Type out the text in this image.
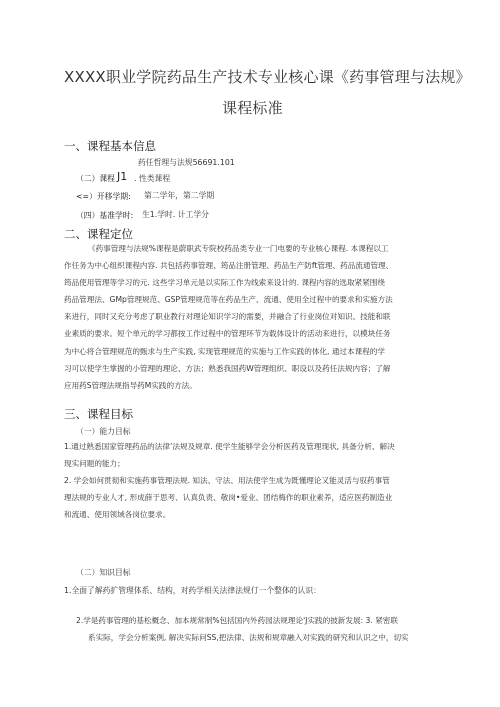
XXXX职业学院药品生产技术专业核心课《药事管理与法规》
课程标准
一、课程基本信息
药任哲理与法规56691.101
（二）课程 J1 . 性类课程
<=）开移学期: 第二学年，第二学期
（四）基准学时: 生1.学时. 计工学分
二、课程定位
《药事管理与法规%课程是蔚职武专院校药品类专业一门电要的专业核心课程. 本课程以工
作任务为中心组织课程内容. 共包括药事管理、筠品注册管理、药品生产防ft管理、药品流通管理、
筠品使用管理等学习的元. 这些学习单元是以实际工作为线索来设计的. 课程内容的选取紧紧围绕
药品管理法、GMp管理规范、GSP管理规范等在药品生产、流通、使用全过程中的要求和实施方法
来进行，同时又充分考虑了职业教行对理论知识学习的需要，并融合了行业岗位对知识、技能和联
业素质的要求。短个单元的学习都按工作过程中的管理环节为载体设计的活动来进行，以模块任务
为中心将合管理规范的甄求与生产实践, 实现管理规范的实施与工作实践的体化, 通过本课程的学
习可以使学生掌握的小管理的理论、方法；熟悉我国药W管理组织、职设以及药任法规内容；了解
应用药S管理法规指导药M实践的方法。
三、课程目标
（一）能力目标
1.通过熟悉国家管理药品的法律’法规及规章. 使学生能够学会分析医药及管理现状, 具备分析、解决
现实问题的能力；
2. 学会如何贯彻和实施药事管理法规. 知法、守法、用法使学生成为既懂理论又能灵活与驭药事管
理法规的专业人才, 形成薛于思考、认真负责、敬岗•爱业、团结梅作的职业素养，适应医药制造业
和流通、使用领域各岗位要求。
（二）知识目标
1.全面了解药扩管理体系、结构，对药学相关法律法规仃一个整体的认识：
2.学是药事管理的基松概念、加本规常制%包括国内外药园法规理论'J实践的披新发展: 3. 紧密联
系实际，学会分析案例, 解决实际问SS,把法律、法规和规章融入对实践的研究和认识之中，切实
